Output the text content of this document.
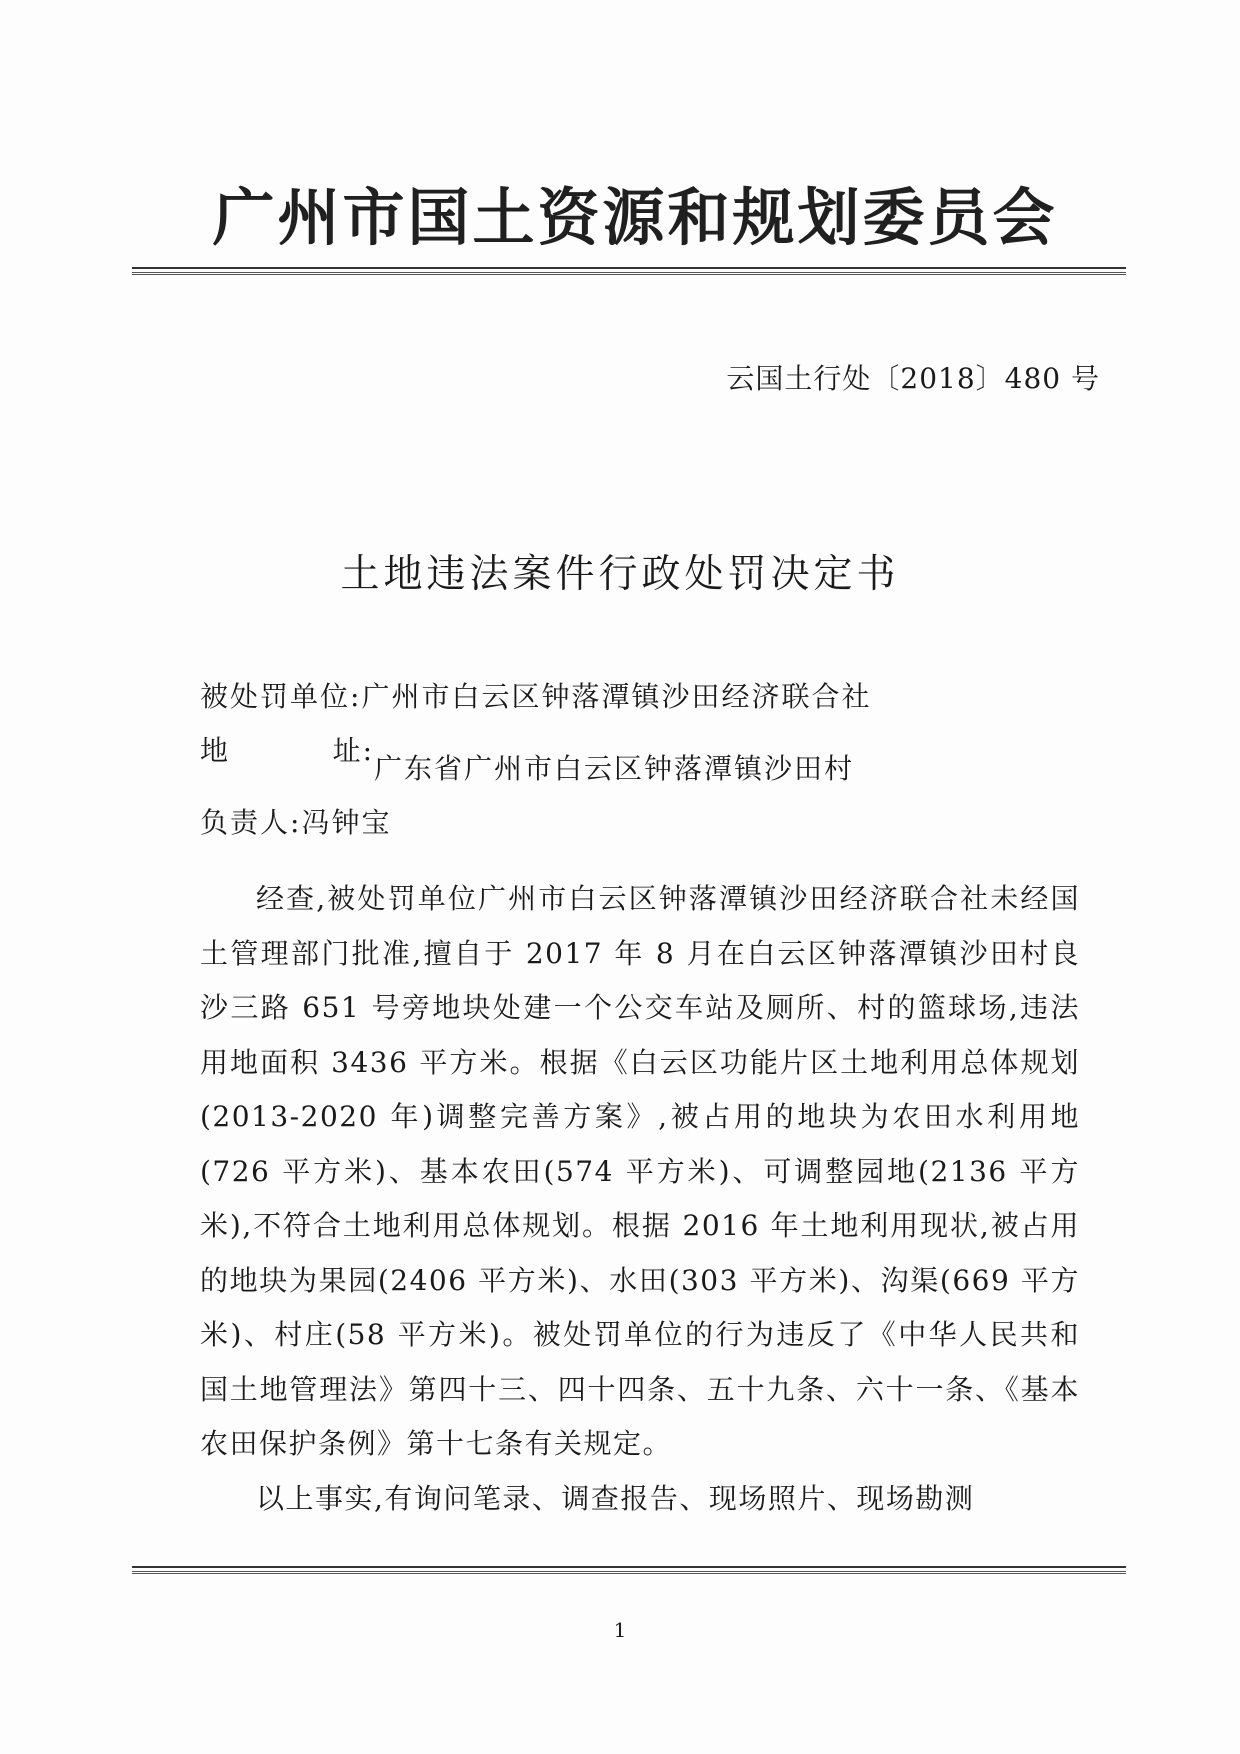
广州市国土资源和规划委员会
云国土行处〔2018〕480 号
土地违法案件行政处罚决定书
被处罚单位:广州市白云区钟落潭镇沙田经济联合社
地	址:
广东省广州市白云区钟落潭镇沙田村
负责人:冯钟宝

经查,被处罚单位广州市白云区钟落潭镇沙田经济联合社未经国土管理部门批准,擅自于 2017 年 8 月在白云区钟落潭镇沙田村良沙三路 651 号旁地块处建一个公交车站及厕所、村的篮球场,违法用地面积 3436 平方米。根据《白云区功能片区土地利用总体规划(2013-2020 年)调整完善方案》,被占用的地块为农田水利用地(726 平方米)、基本农田(574 平方米)、可调整园地(2136 平方米),不符合土地利用总体规划。根据 2016 年土地利用现状,被占用的地块为果园(2406 平方米)、水田(303 平方米)、沟渠(669 平方米)、村庄(58 平方米)。被处罚单位的行为违反了《中华人民共和国土地管理法》第四十三、四十四条、五十九条、六十一条、《基本农田保护条例》第十七条有关规定。

以上事实,有询问笔录、调查报告、现场照片、现场勘测

1
